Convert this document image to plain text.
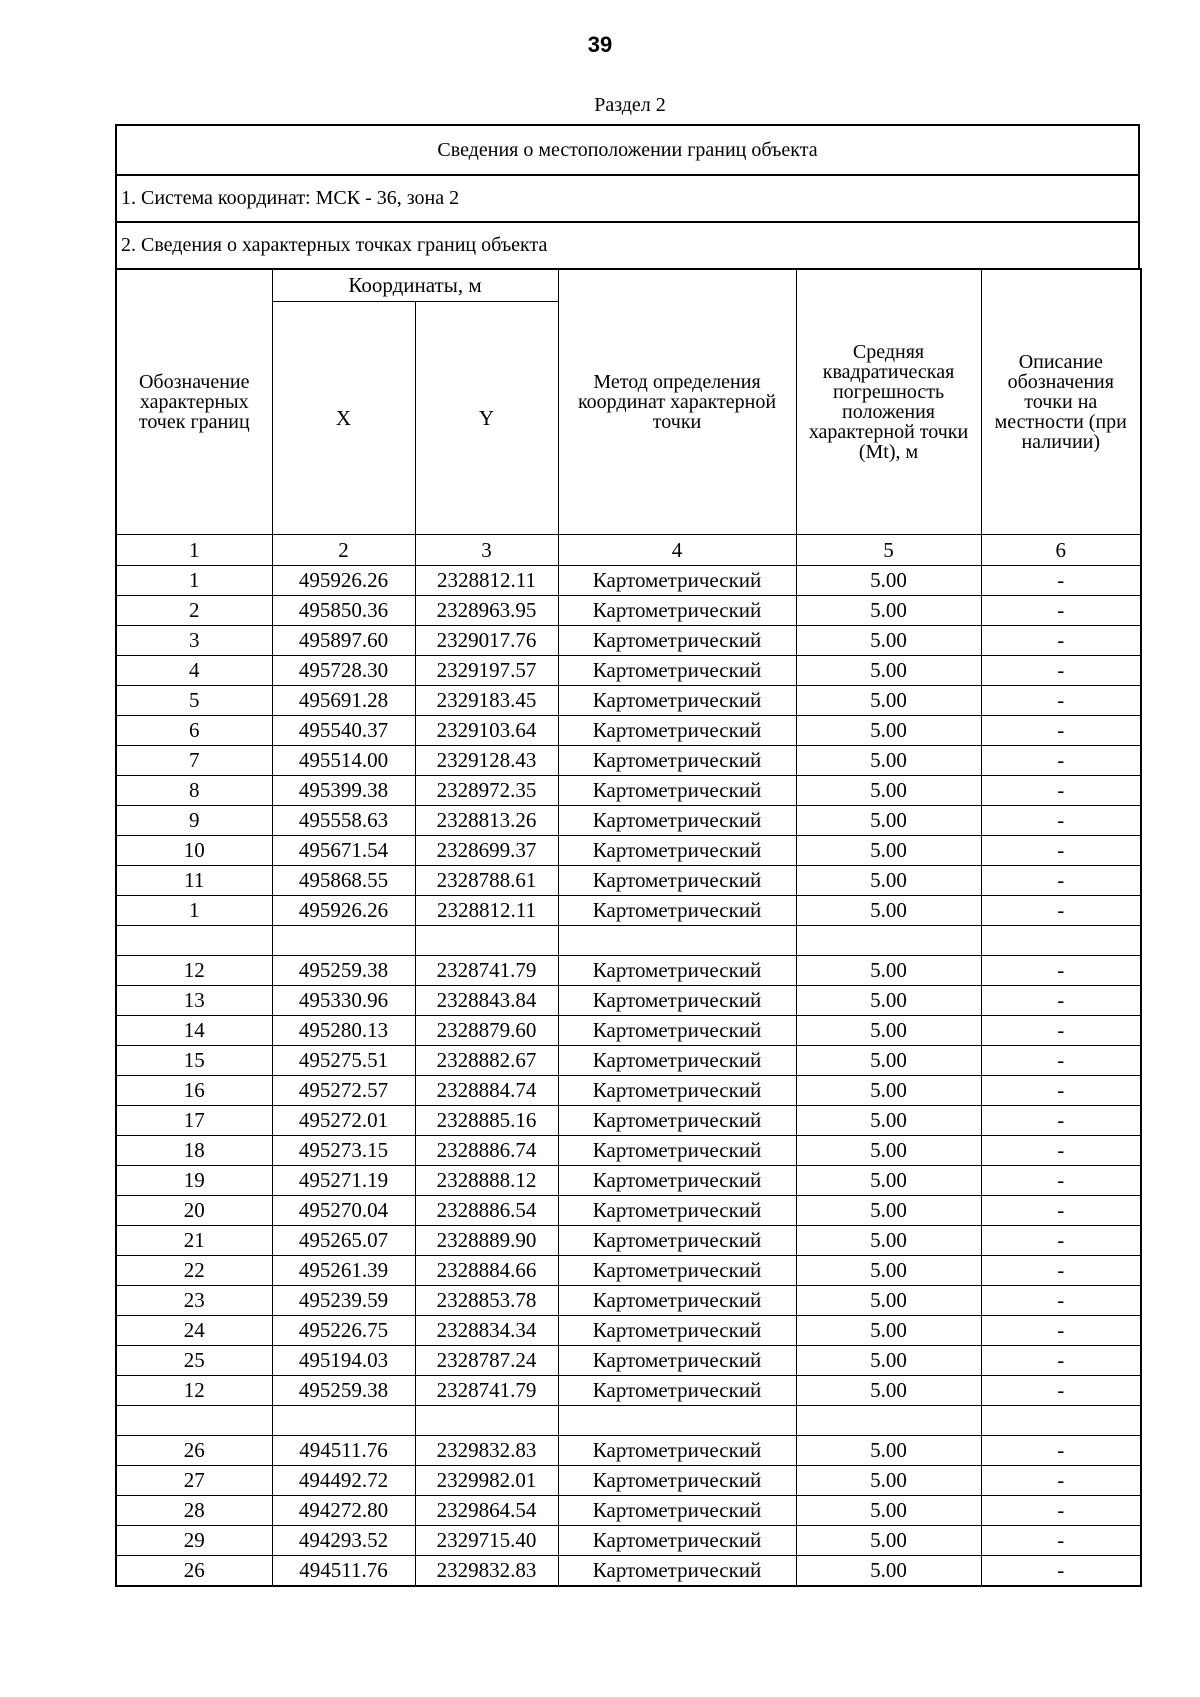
39
Раздел 2
Сведения о местоположении границ объекта
1. Система координат: МСК - 36, зона 2
2. Сведения о характерных точках границ объекта
Обозначение характерных точек границ	Координаты, м		Метод определения координат характерной точки	Средняя квадратическая погрешность положения характерной точки (Mt), м	Описание обозначения точки на местности (при наличии)
	X	Y			
1	2	3	4	5	6
1	495926.26	2328812.11	Картометрический	5.00	-
2	495850.36	2328963.95	Картометрический	5.00	-
3	495897.60	2329017.76	Картометрический	5.00	-
4	495728.30	2329197.57	Картометрический	5.00	-
5	495691.28	2329183.45	Картометрический	5.00	-
6	495540.37	2329103.64	Картометрический	5.00	-
7	495514.00	2329128.43	Картометрический	5.00	-
8	495399.38	2328972.35	Картометрический	5.00	-
9	495558.63	2328813.26	Картометрический	5.00	-
10	495671.54	2328699.37	Картометрический	5.00	-
11	495868.55	2328788.61	Картометрический	5.00	-
1	495926.26	2328812.11	Картометрический	5.00	-

12	495259.38	2328741.79	Картометрический	5.00	-
13	495330.96	2328843.84	Картометрический	5.00	-
14	495280.13	2328879.60	Картометрический	5.00	-
15	495275.51	2328882.67	Картометрический	5.00	-
16	495272.57	2328884.74	Картометрический	5.00	-
17	495272.01	2328885.16	Картометрический	5.00	-
18	495273.15	2328886.74	Картометрический	5.00	-
19	495271.19	2328888.12	Картометрический	5.00	-
20	495270.04	2328886.54	Картометрический	5.00	-
21	495265.07	2328889.90	Картометрический	5.00	-
22	495261.39	2328884.66	Картометрический	5.00	-
23	495239.59	2328853.78	Картометрический	5.00	-
24	495226.75	2328834.34	Картометрический	5.00	-
25	495194.03	2328787.24	Картометрический	5.00	-
12	495259.38	2328741.79	Картометрический	5.00	-

26	494511.76	2329832.83	Картометрический	5.00	-
27	494492.72	2329982.01	Картометрический	5.00	-
28	494272.80	2329864.54	Картометрический	5.00	-
29	494293.52	2329715.40	Картометрический	5.00	-
26	494511.76	2329832.83	Картометрический	5.00	-
